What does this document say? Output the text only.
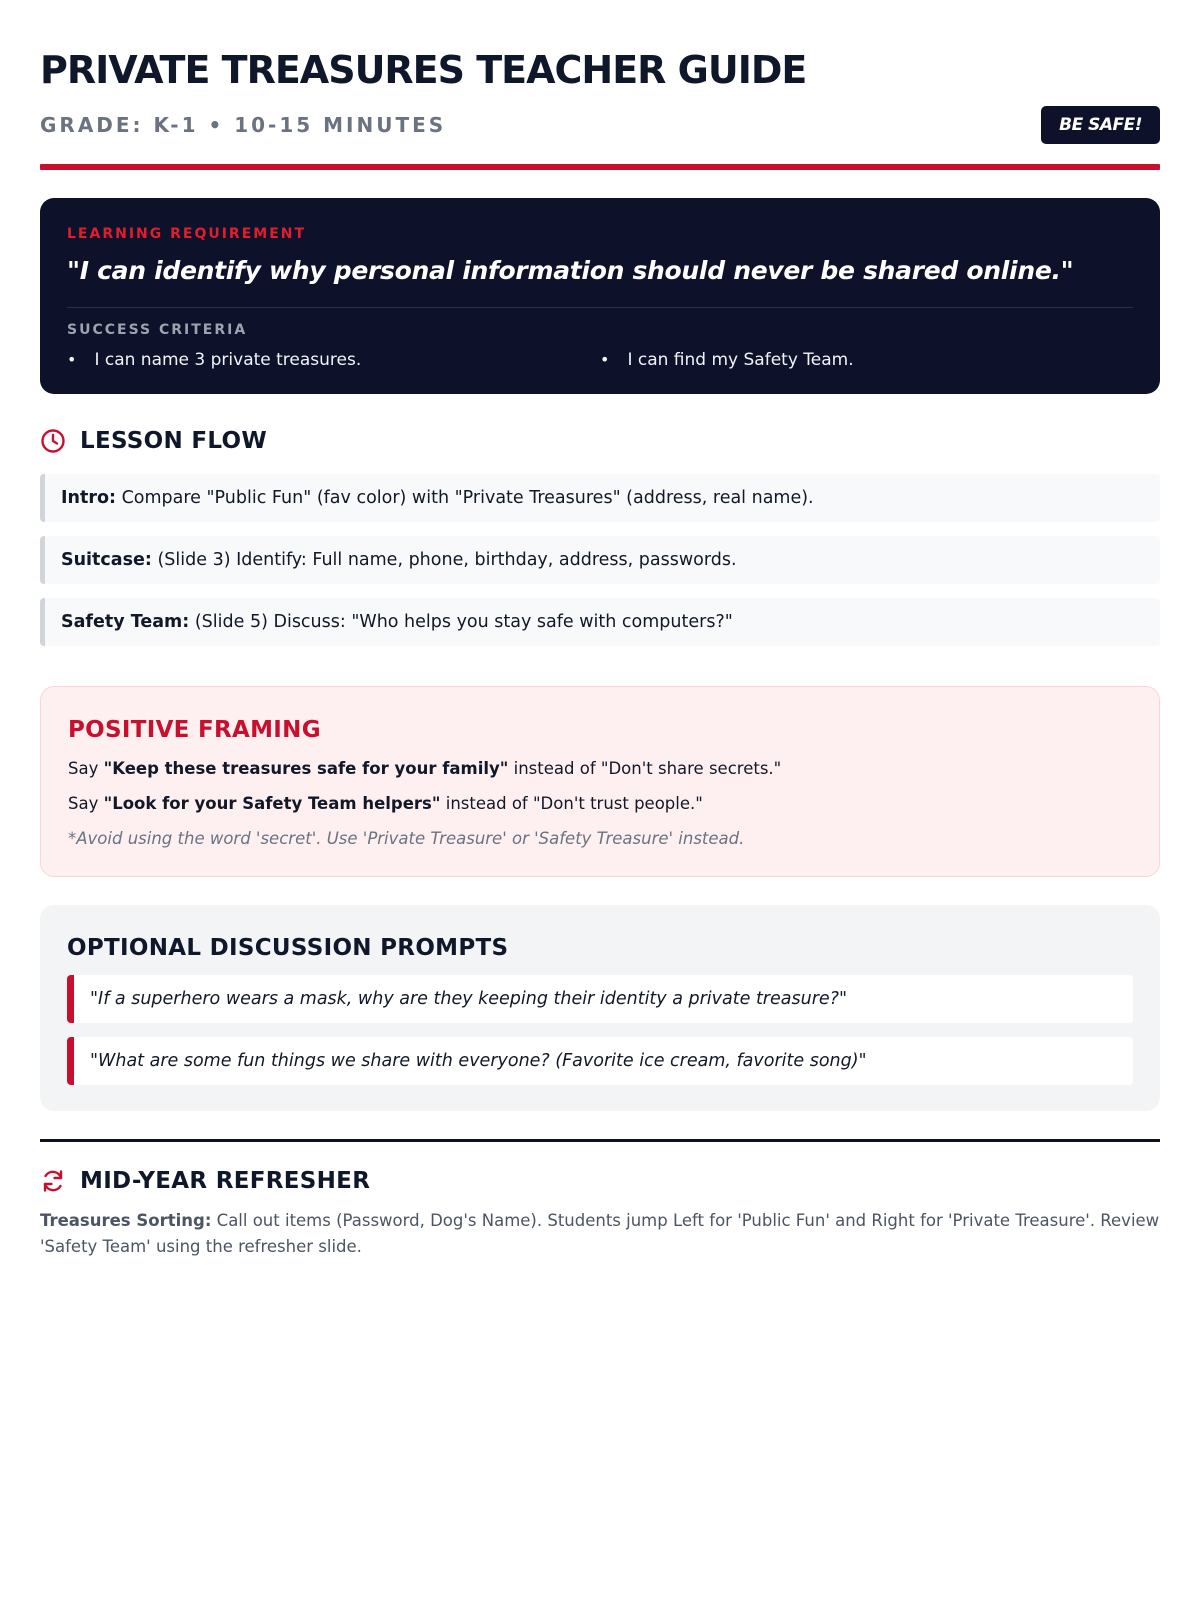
PRIVATE TREASURES TEACHER GUIDE
GRADE: K-1 • 10-15 MINUTES	BE SAFE!
LEARNING REQUIREMENT
"I can identify why personal information should never be shared online."
SUCCESS CRITERIA
• I can name 3 private treasures.
•	I can find my Safety Team.
LESSON FLOW
Intro: Compare "Public Fun" (fav color) with "Private Treasures" (address, real name).
Suitcase: (Slide 3) Identify: Full name, phone, birthday, address, passwords.
Safety Team: (Slide 5) Discuss: "Who helps you stay safe with computers?"
POSITIVE FRAMING
Say "Keep these treasures safe for your family" instead of "Don't share secrets."
Say "Look for your Safety Team helpers" instead of "Don't trust people."
*Avoid using the word 'secret'. Use 'Private Treasure' or 'Safety Treasure' instead.
OPTIONAL DISCUSSION PROMPTS
"If a superhero wears a mask, why are they keeping their identity a private treasure?"
"What are some fun things we share with everyone? (Favorite ice cream, favorite song)"
MID-YEAR REFRESHER
Treasures Sorting: Call out items (Password, Dog's Name). Students jump Left for 'Public Fun' and Right for 'Private Treasure'. Review 'Safety Team' using the refresher slide.
